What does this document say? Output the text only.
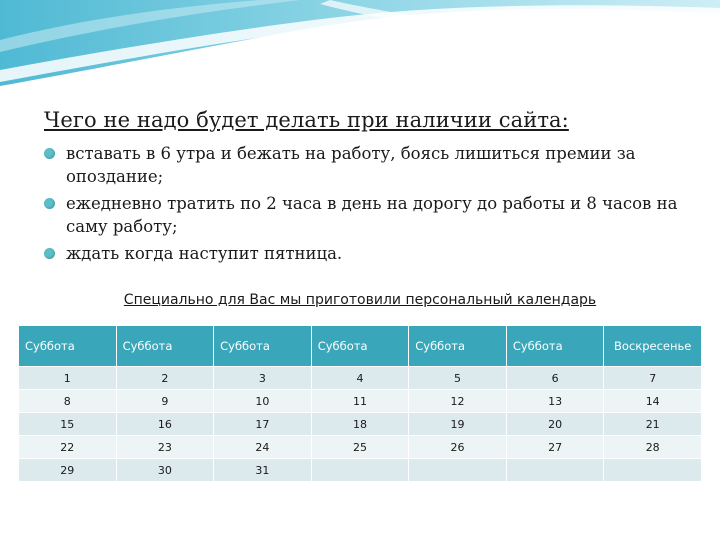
Чего не надо будет делать при наличии сайта:
вставать в 6 утра и бежать на работу, боясь лишиться премии за опоздание;
ежедневно тратить по 2 часа в день на дорогу до работы и 8 часов на саму работу;
ждать когда наступит пятница.
Специально для Вас мы приготовили персональный календарь
Суббота	Суббота	Суббота	Суббота	Суббота	Суббота	Воскресенье
1	2	3	4	5	6	7
8	9	10	11	12	13	14
15	16	17	18	19	20	21
22	23	24	25	26	27	28
29	30	31				
